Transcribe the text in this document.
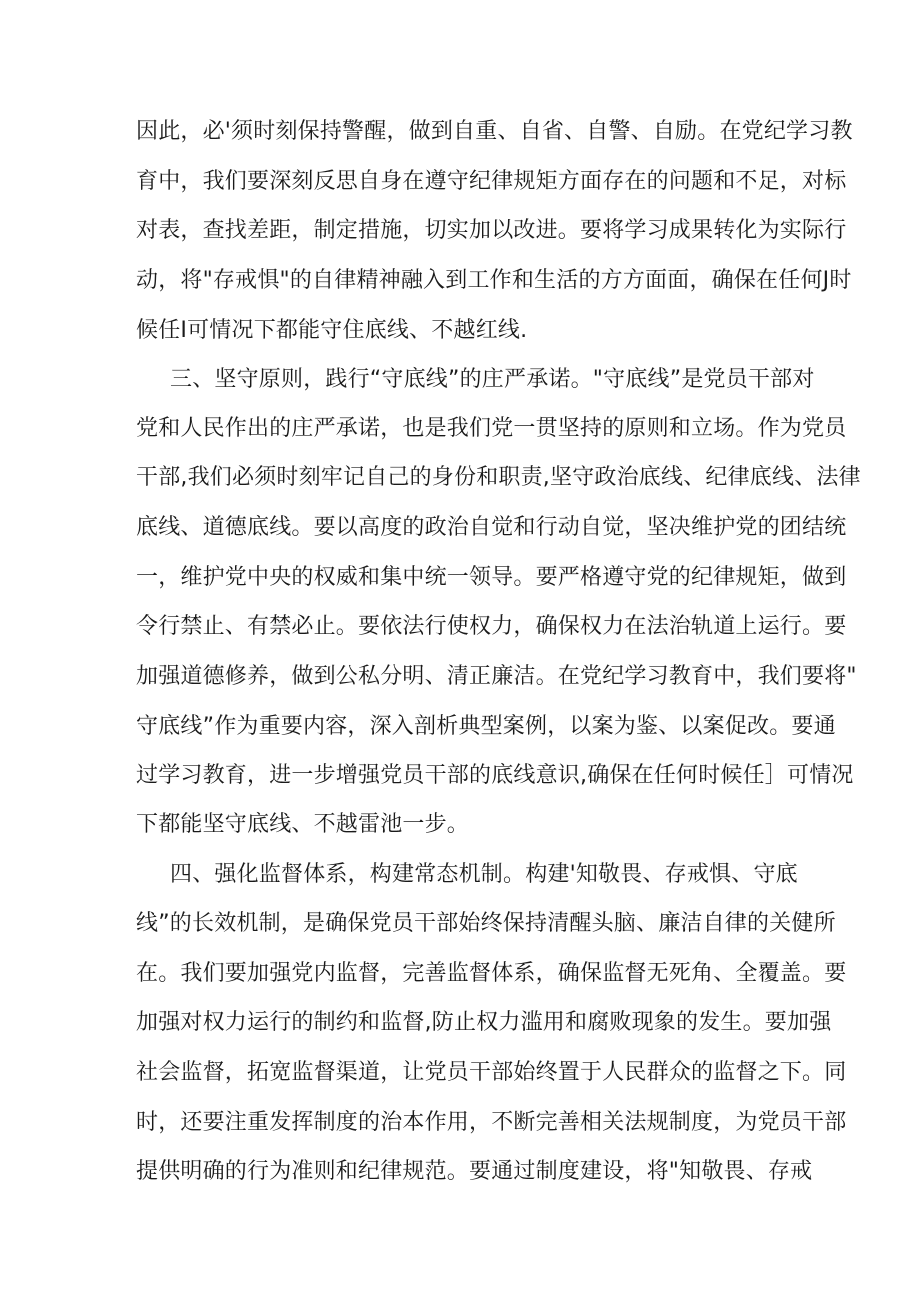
因此，必'须时刻保持警醒，做到自重、自省、自警、自励。在党纪学习教

育中，我们要深刻反思自身在遵守纪律规矩方面存在的问题和不足，对标

对表，查找差距，制定措施，切实加以改进。要将学习成果转化为实际行

动，将"存戒惧"的自律精神融入到工作和生活的方方面面，确保在任何J时

候任I可情况下都能守住底线、不越红线.

三、坚守原则，践行“守底线”的庄严承诺。"守底线”是党员干部对

党和人民作出的庄严承诺，也是我们党一贯坚持的原则和立场。作为党员

干部,我们必须时刻牢记自己的身份和职责,坚守政治底线、纪律底线、法律

底线、道德底线。要以高度的政治自觉和行动自觉，坚决维护党的团结统

一，维护党中央的权威和集中统一领导。要严格遵守党的纪律规矩，做到

令行禁止、有禁必止。要依法行使权力，确保权力在法治轨道上运行。要

加强道德修养，做到公私分明、清正廉洁。在党纪学习教育中，我们要将"

守底线”作为重要内容，深入剖析典型案例，以案为鉴、以案促改。要通

过学习教育，进一步增强党员干部的底线意识,确保在任何时候任］可情况

下都能坚守底线、不越雷池一步。

四、强化监督体系，构建常态机制。构建'知敬畏、存戒惧、守底

线”的长效机制，是确保党员干部始终保持清醒头脑、廉洁自律的关健所

在。我们要加强党内监督，完善监督体系，确保监督无死角、全覆盖。要

加强对权力运行的制约和监督,防止权力滥用和腐败现象的发生。要加强

社会监督，拓宽监督渠道，让党员干部始终置于人民群众的监督之下。同

时，还要注重发挥制度的治本作用，不断完善相关法规制度，为党员干部

提供明确的行为准则和纪律规范。要通过制度建设，将"知敬畏、存戒
